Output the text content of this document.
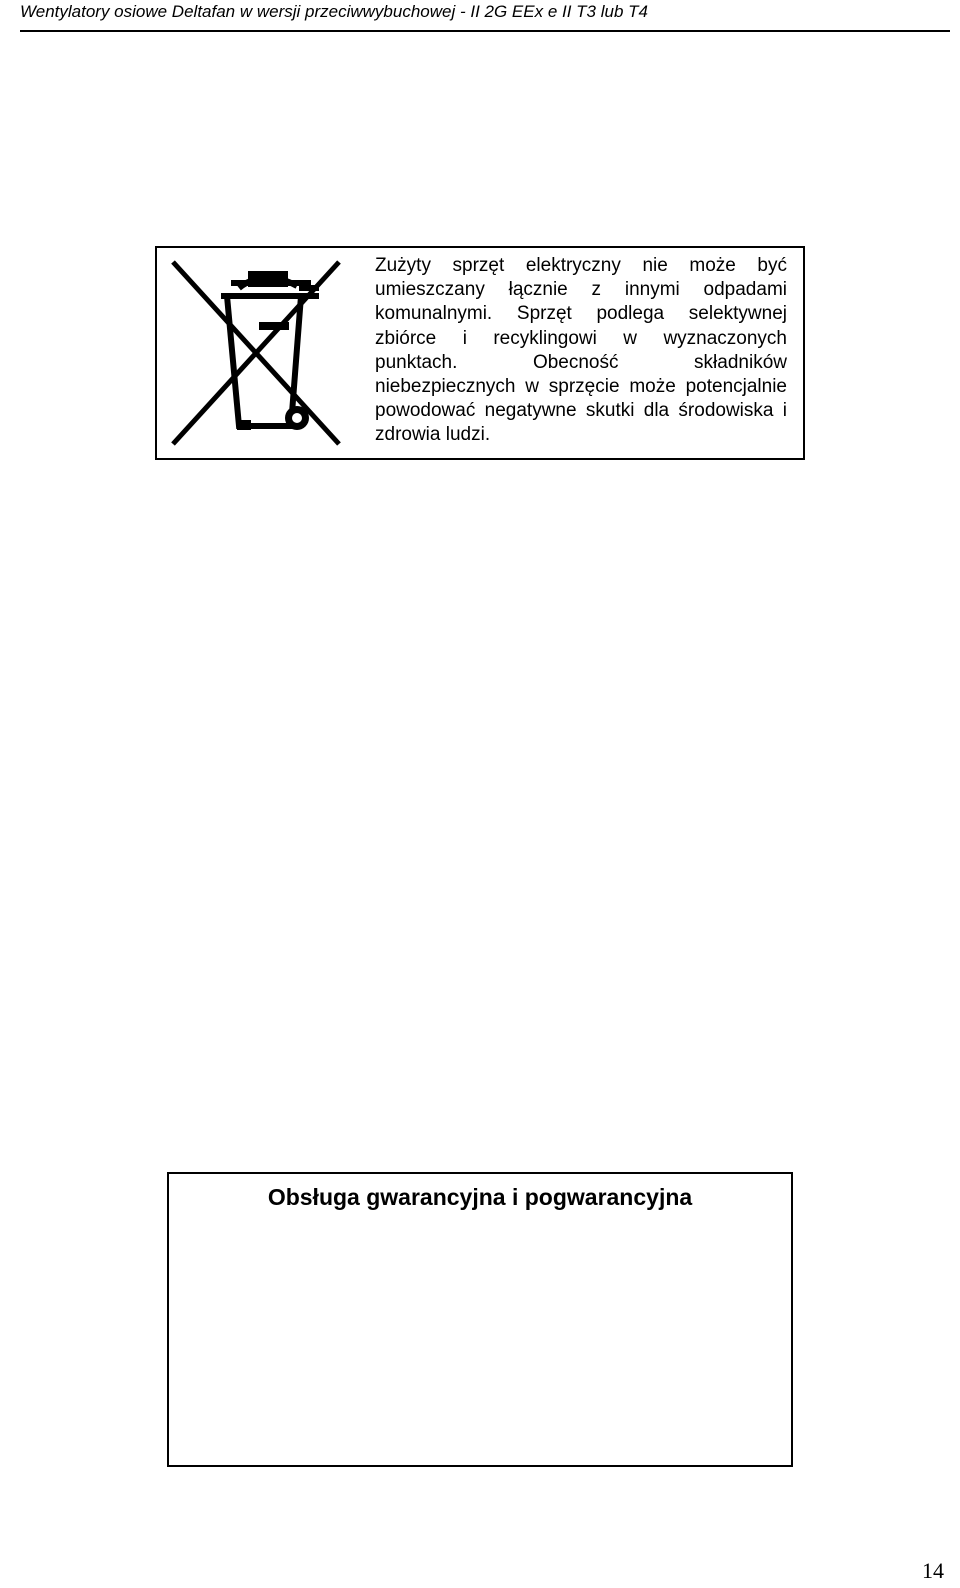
Wentylatory osiowe Deltafan w wersji przeciwwybuchowej - II 2G EEx e II T3 lub T4
Zużyty sprzęt elektryczny nie może być umieszczany łącznie z innymi odpadami komunalnymi. Sprzęt podlega selektywnej zbiórce i recyklingowi w wyznaczonych punktach. Obecność składników niebezpiecznych w sprzęcie może potencjalnie powodować negatywne skutki dla środowiska i zdrowia ludzi.
Obsługa gwarancyjna i pogwarancyjna
14
